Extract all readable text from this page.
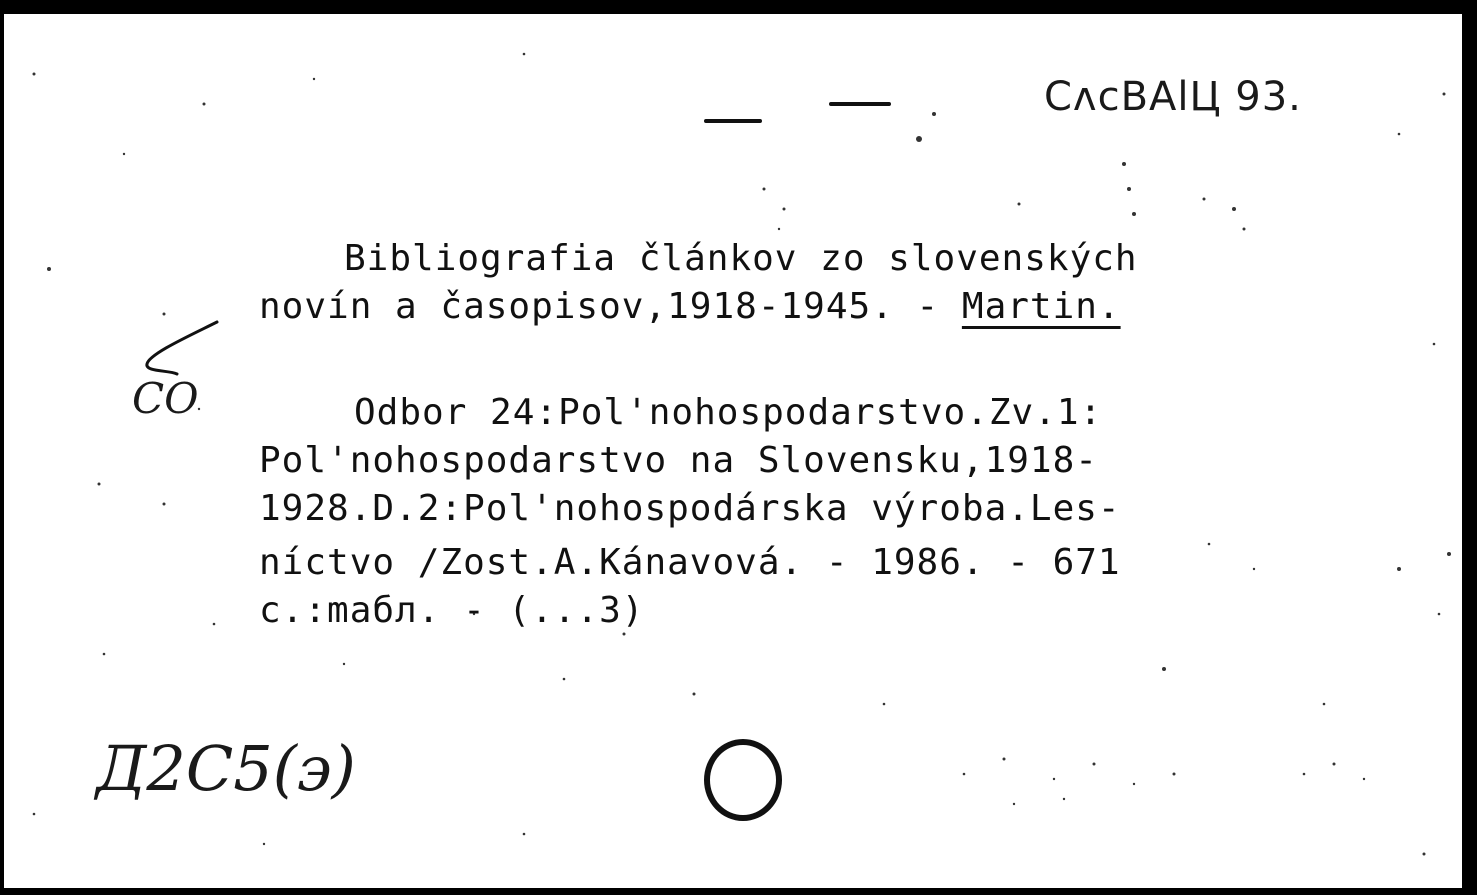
CʌcBAlЦ 93.
Bibliografia článkov zo slovenských
novín a časopisov,1918-1945. - Martin.
CO	Odbor 24:Pol'nohospodarstvo.Zv.1:
Pol'nohospodarstvo na Slovensku,1918-
1928.D.2:Pol'nohospodárska výroba.Les-
níctvo /Zost.A.Kánavová. - 1986. - 671
c.:mабл. - (...3)
Д2С5(э)
